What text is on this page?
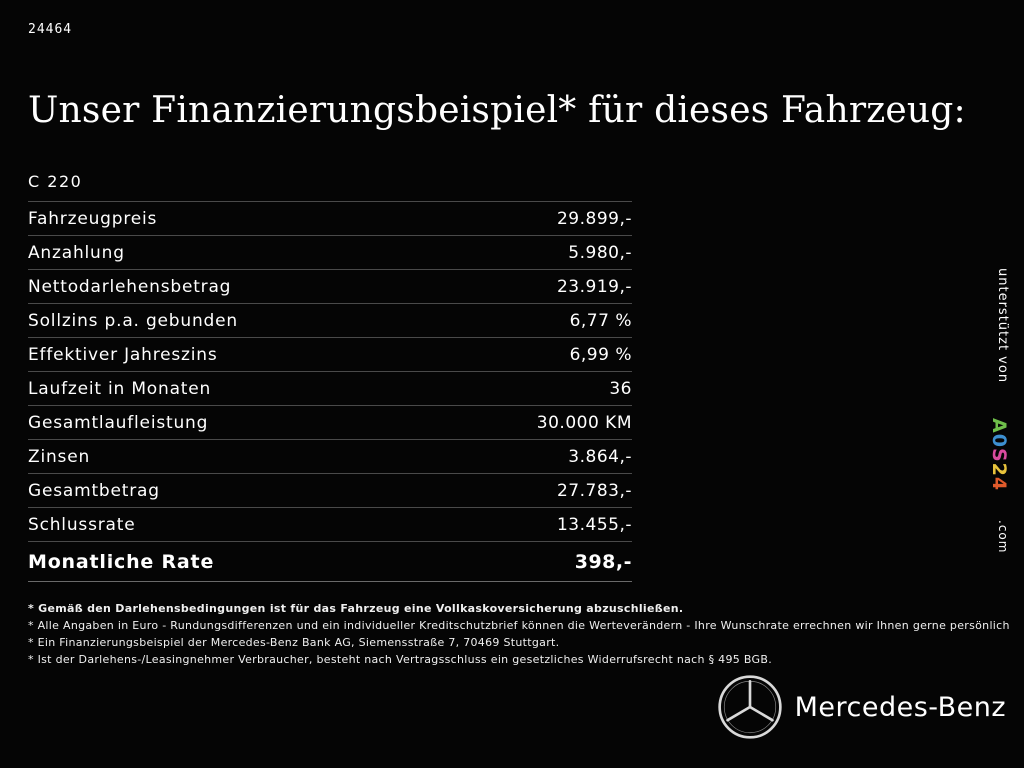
24464
Unser Finanzierungsbeispiel* für dieses Fahrzeug:
C 220
Fahrzeugpreis	29.899,-
Anzahlung	5.980,-
Nettodarlehensbetrag	23.919,-
Sollzins p.a. gebunden	6,77 %
Effektiver Jahreszins	6,99 %
Laufzeit in Monaten	36
Gesamtlaufleistung	30.000 KM
Zinsen	3.864,-
Gesamtbetrag	27.783,-
Schlussrate	13.455,-
Monatliche Rate	398,-
* Gemäß den Darlehensbedingungen ist für das Fahrzeug eine Vollkaskoversicherung abzuschließen.
* Alle Angaben in Euro - Rundungsdifferenzen und ein individueller Kreditschutzbrief können die Werteverändern - Ihre Wunschrate errechnen wir Ihnen gerne persönlich
* Ein Finanzierungsbeispiel der Mercedes-Benz Bank AG, Siemensstraße 7, 70469 Stuttgart.
* Ist der Darlehens-/Leasingnehmer Verbraucher, besteht nach Vertragsschluss ein gesetzliches Widerrufsrecht nach § 495 BGB.
unterstützt von
A0S24
.com
Mercedes-Benz
